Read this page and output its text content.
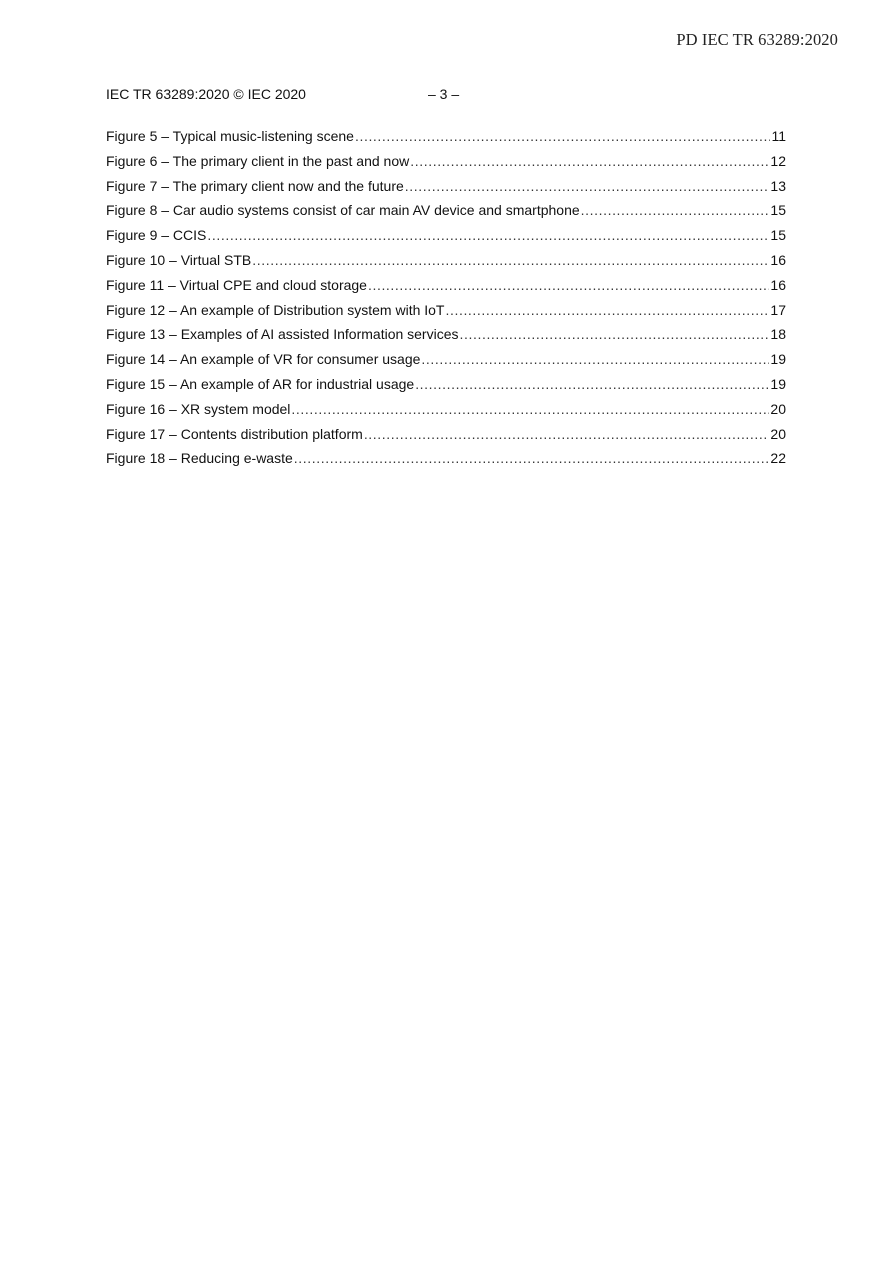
PD IEC TR 63289:2020
IEC TR 63289:2020 © IEC 2020	– 3 –
Figure 5 – Typical music-listening scene .....	11
Figure 6 – The primary client in the past and now .....	12
Figure 7 – The primary client now and the future .....	13
Figure 8 – Car audio systems consist of car main AV device and smartphone .....	15
Figure 9 – CCIS .....	15
Figure 10 – Virtual STB .....	16
Figure 11 – Virtual CPE and cloud storage .....	16
Figure 12 – An example of Distribution system with IoT .....	17
Figure 13 – Examples of AI assisted Information services .....	18
Figure 14 – An example of VR for consumer usage .....	19
Figure 15 – An example of AR for industrial usage .....	19
Figure 16 – XR system model .....	20
Figure 17 – Contents distribution platform .....	20
Figure 18 – Reducing e-waste .....	22
